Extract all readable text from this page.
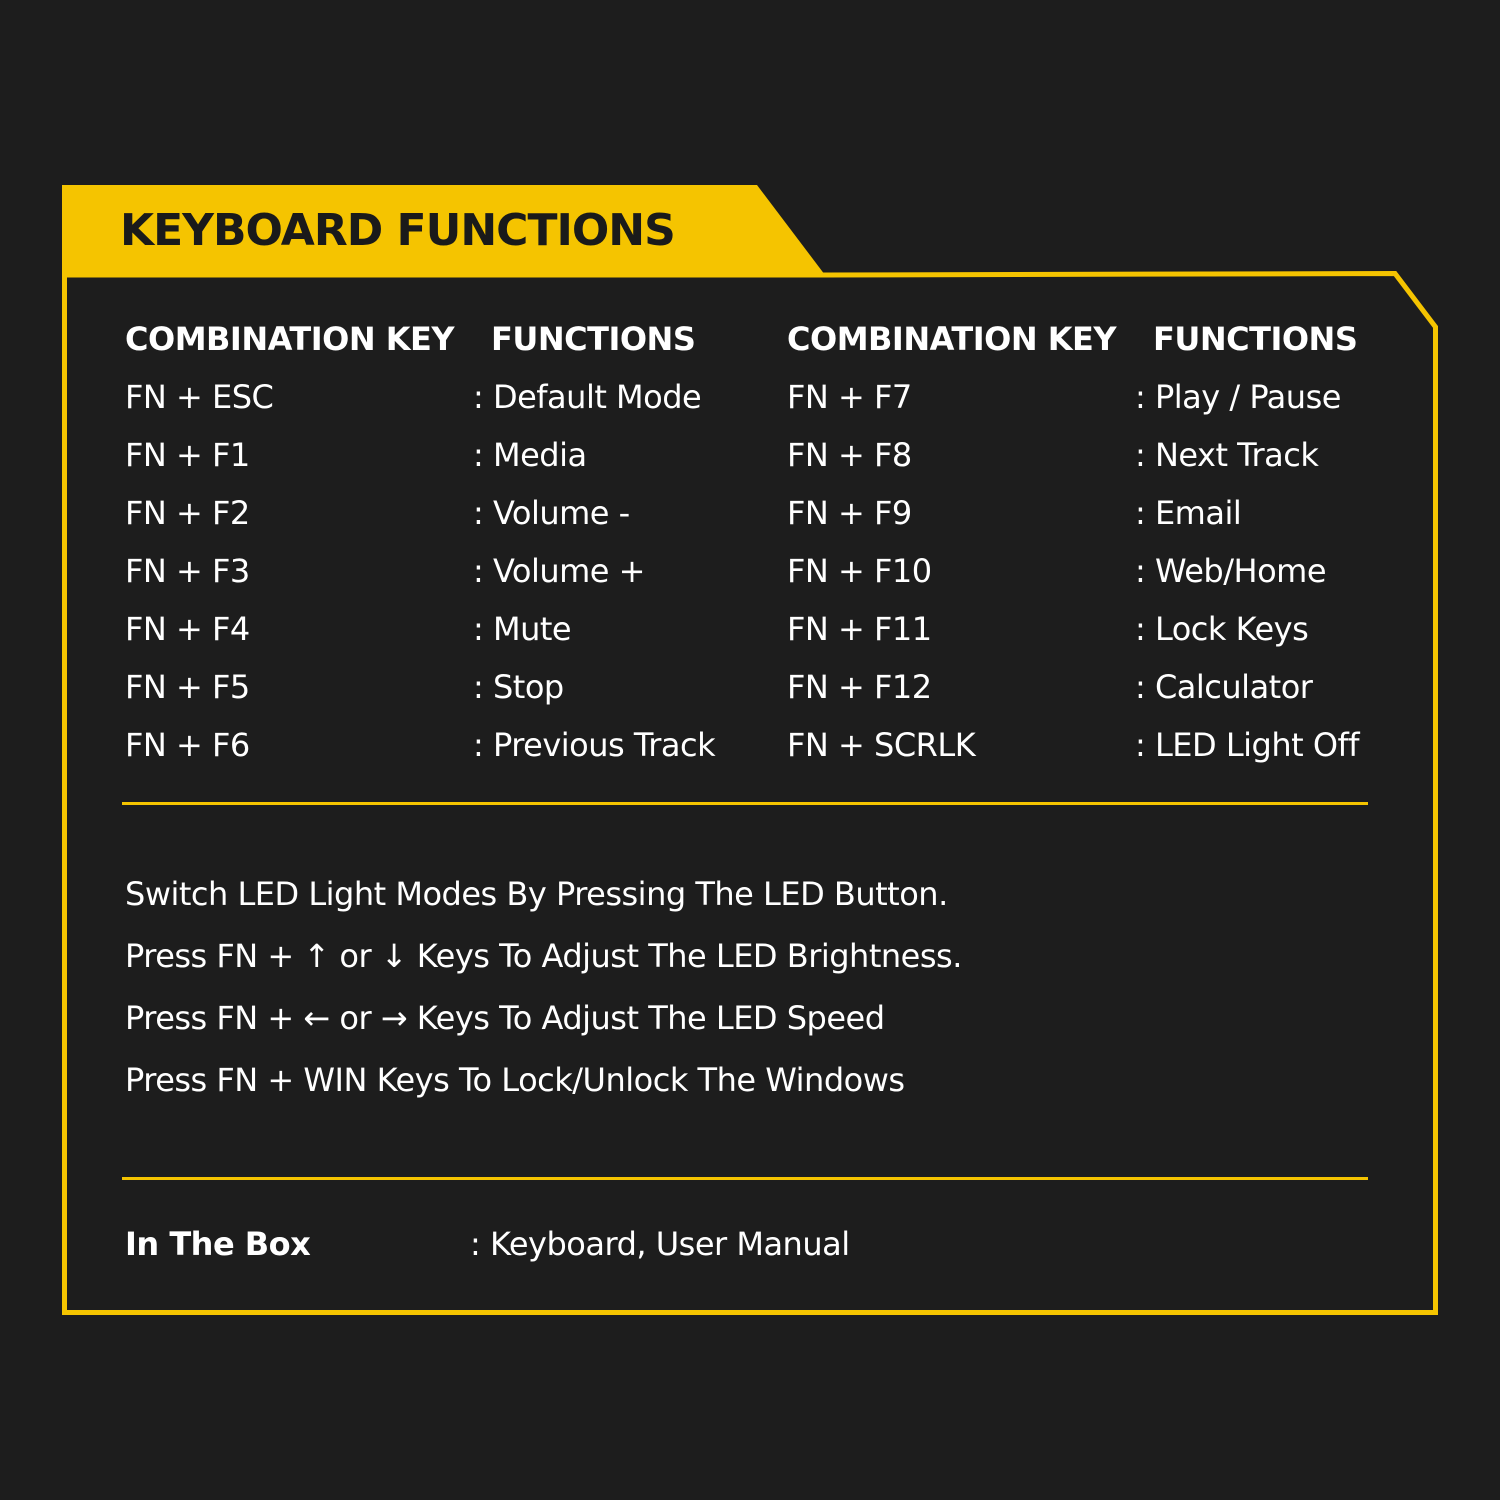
KEYBOARD FUNCTIONS
COMBINATION KEY
FN + ESC
FN + F1
FN + F2
FN + F3
FN + F4
FN + F5
FN + F6
FUNCTIONS
: Default Mode
: Media
: Volume -
: Volume +
: Mute
: Stop
: Previous Track
COMBINATION KEY
FN + F7
FN + F8
FN + F9
FN + F10
FN + F11
FN + F12
FN + SCRLK
FUNCTIONS
: Play / Pause
: Next Track
: Email
: Web/Home
: Lock Keys
: Calculator
: LED Light Off
Switch LED Light Modes By Pressing The LED Button.
Press FN + ↑ or ↓ Keys To Adjust The LED Brightness.
Press FN + ← or → Keys To Adjust The LED Speed
Press FN + WIN Keys To Lock/Unlock The Windows
In The Box	: Keyboard, User Manual
